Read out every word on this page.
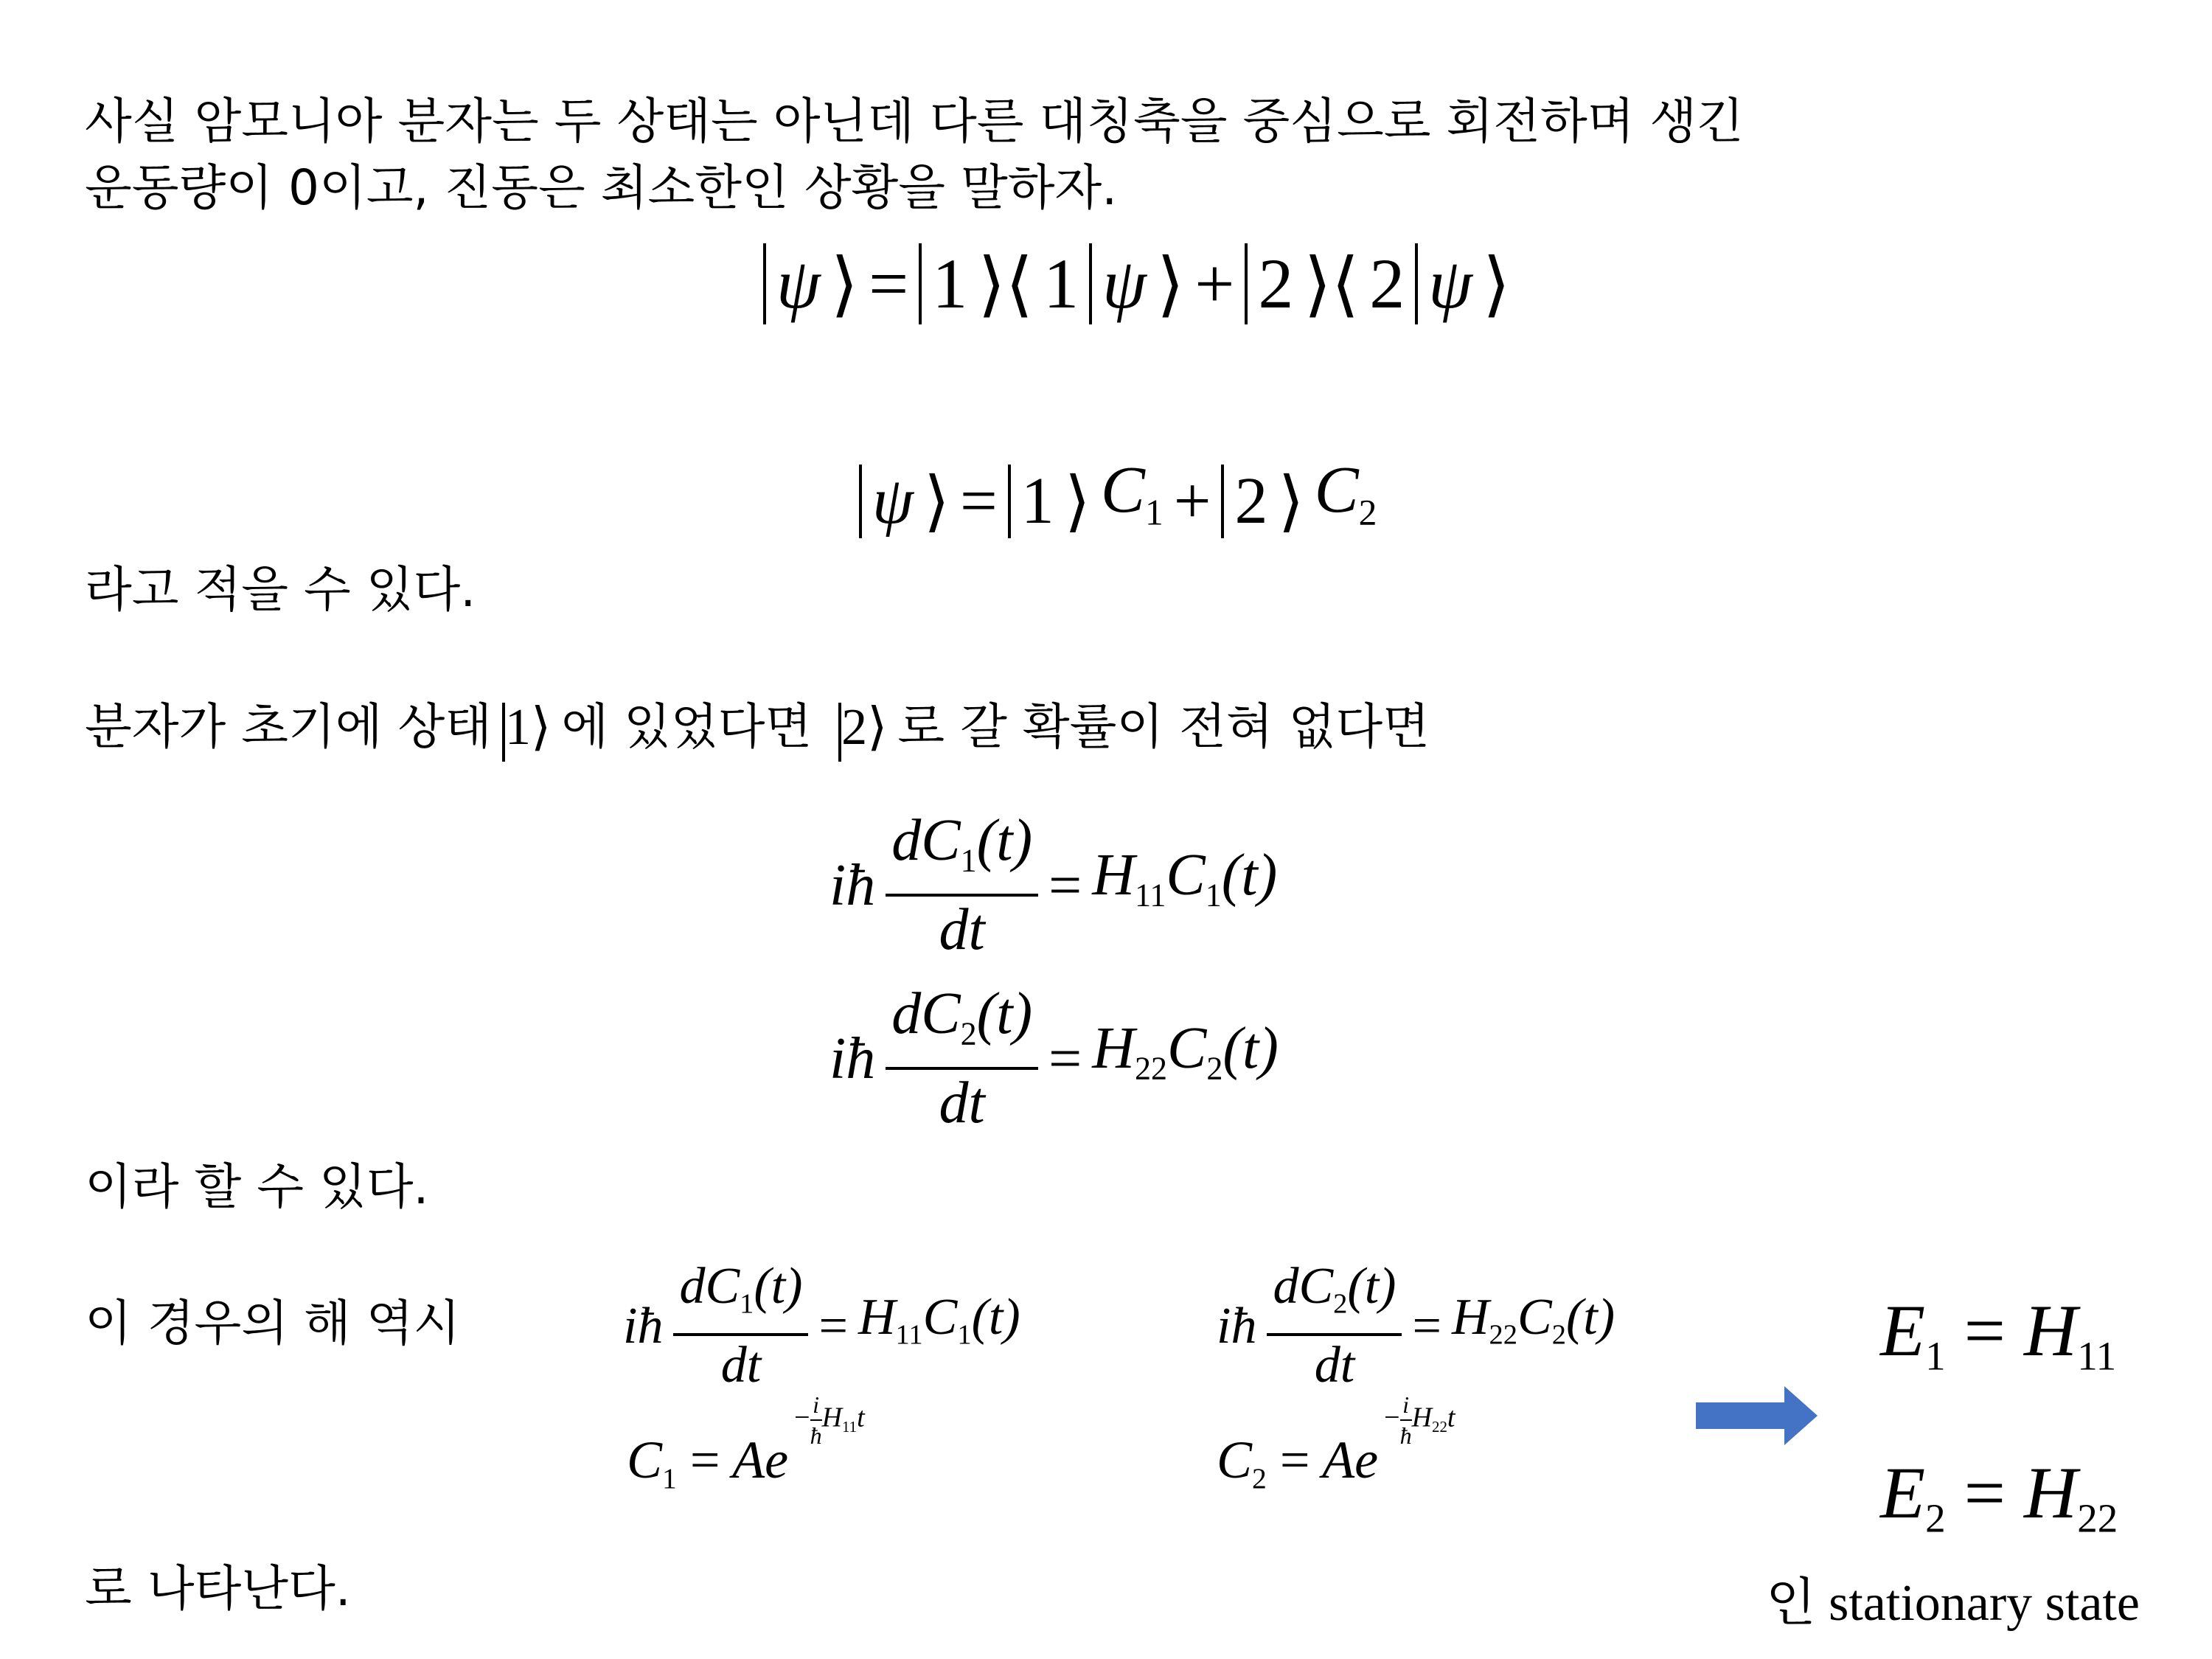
사실 암모니아 분자는 두 상태는 아닌데 다른 대칭축을 중심으로 회전하며 생긴
운동량이 0이고, 진동은 최소한인 상황을 말하자.
ψ ⟩ = 1 ⟩⟨ 1 ψ ⟩ + 2 ⟩⟨ 2 ψ ⟩
ψ ⟩ = 1 ⟩ $C_1 + 2$ ⟩ $C_2$
라고 적을 수 있다.
분자가 초기에 상태 1⟩ 에 있었다면 2⟩ 로 갈 확률이 전혀 없다면
iħ $\frac{dC_1(t)}{dt} = H_{11}C_1(t)$
iħ $\frac{dC_2(t)}{dt} = H_{22}C_2(t)$
이라 할 수 있다.
이 경우의 해 역시	iħ $\frac{dC_1(t)}{dt} = H_{11}C_1(t)$
$C_1 = Ae$
− $\frac{i}{ħ} H_{11}t$
iħ $\frac{dC_2(t)}{dt} = H_{22}C_2(t)$
$C_2 = Ae$
− $\frac{i}{ħ} H_{22}t$
$E_1 = H_{11}$
$E_2 = H_{22}$
로 나타난다.	인 stationary state
